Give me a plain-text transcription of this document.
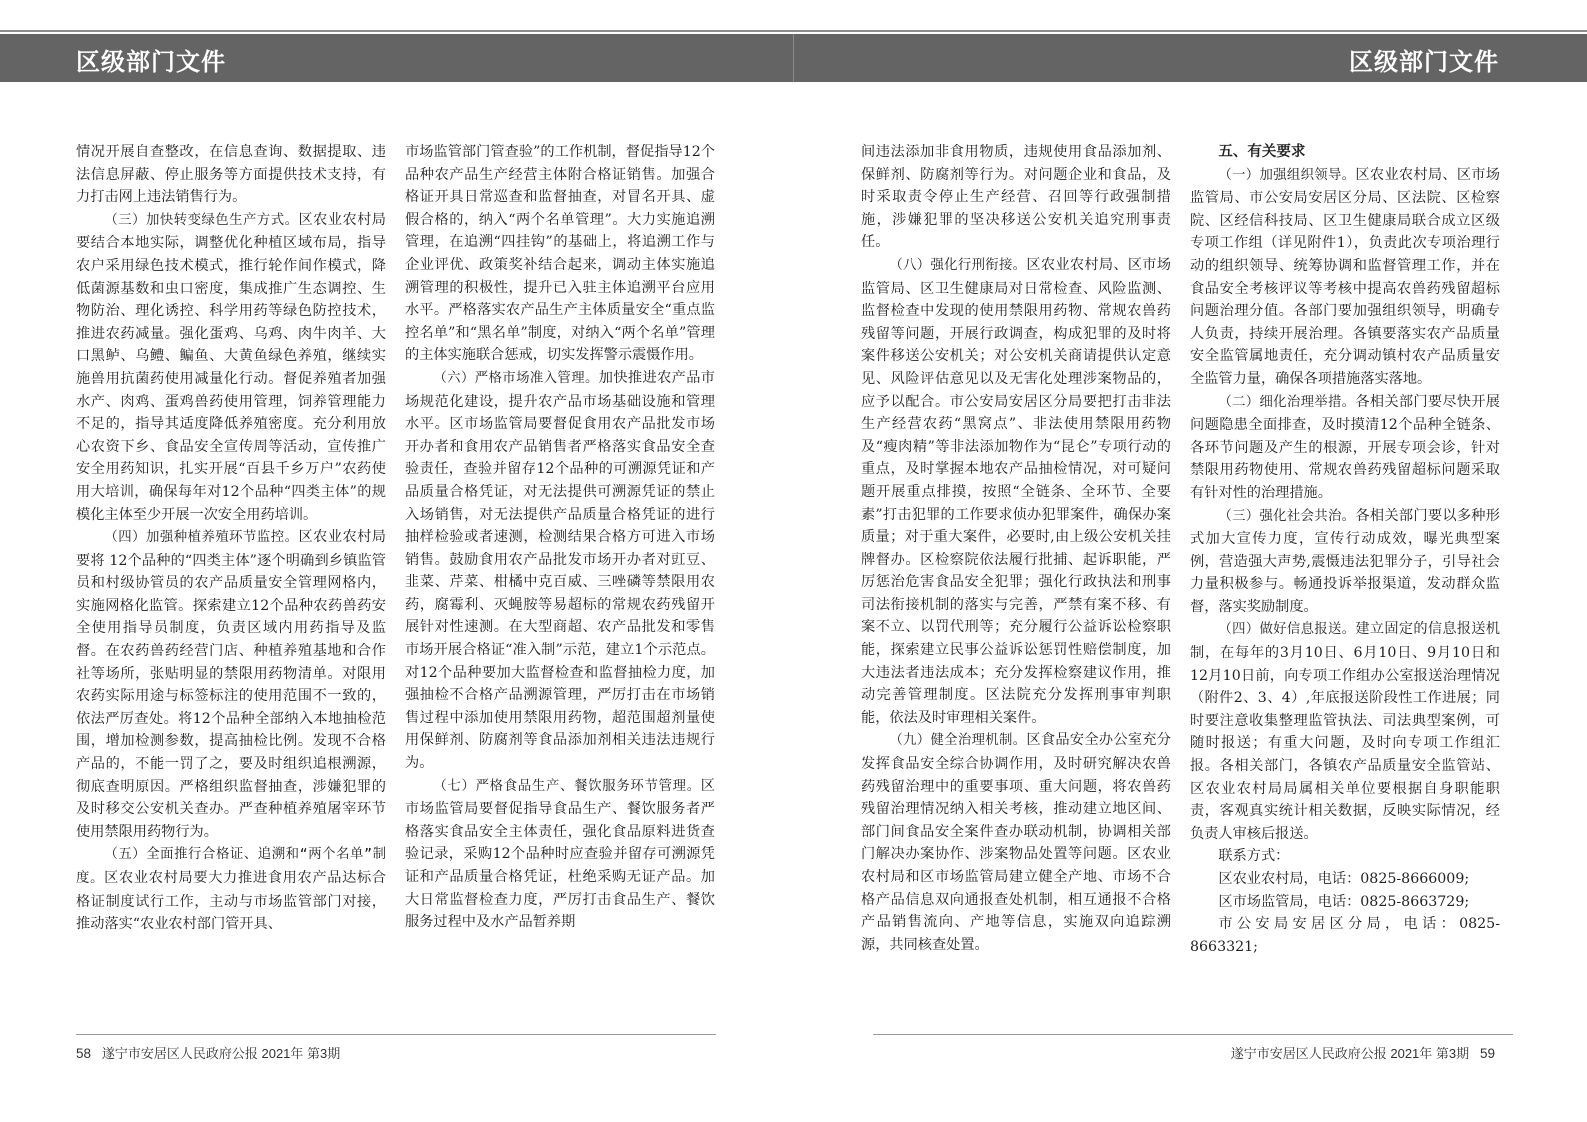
区级部门文件	区级部门文件

情况开展自查整改，在信息查询、数据提取、违法信息屏蔽、停止服务等方面提供技术支持，有力打击网上违法销售行为。

（三）加快转变绿色生产方式。区农业农村局要结合本地实际，调整优化种植区域布局，指导农户采用绿色技术模式，推行轮作间作模式，降低菌源基数和虫口密度，集成推广生态调控、生物防治、理化诱控、科学用药等绿色防控技术，推进农药减量。强化蛋鸡、乌鸡、肉牛肉羊、大口黑鲈、乌鳢、鳊鱼、大黄鱼绿色养殖，继续实施兽用抗菌药使用减量化行动。督促养殖者加强水产、肉鸡、蛋鸡兽药使用管理，饲养管理能力不足的，指导其适度降低养殖密度。充分利用放心农资下乡、食品安全宣传周等活动，宣传推广安全用药知识，扎实开展“百县千乡万户”农药使用大培训，确保每年对12个品种“四类主体”的规模化主体至少开展一次安全用药培训。

（四）加强种植养殖环节监控。区农业农村局要将 12个品种的“四类主体”逐个明确到乡镇监管员和村级协管员的农产品质量安全管理网格内，实施网格化监管。探索建立12个品种农药兽药安全使用指导员制度，负责区域内用药指导及监督。在农药兽药经营门店、种植养殖基地和合作社等场所，张贴明显的禁限用药物清单。对限用农药实际用途与标签标注的使用范围不一致的，依法严厉查处。将12个品种全部纳入本地抽检范围，增加检测参数，提高抽检比例。发现不合格产品的，不能一罚了之，要及时组织追根溯源，彻底查明原因。严格组织监督抽查，涉嫌犯罪的及时移交公安机关查办。严查种植养殖屠宰环节使用禁限用药物行为。

（五）全面推行合格证、追溯和“两个名单”制度。区农业农村局要大力推进食用农产品达标合格证制度试行工作，主动与市场监管部门对接，推动落实“农业农村部门管开具、

市场监管部门管查验”的工作机制，督促指导12个品种农产品生产经营主体附合格证销售。加强合格证开具日常巡查和监督抽查，对冒名开具、虚假合格的，纳入“两个名单管理”。大力实施追溯管理，在追溯“四挂钩”的基础上，将追溯工作与企业评优、政策奖补结合起来，调动主体实施追溯管理的积极性，提升已入驻主体追溯平台应用水平。严格落实农产品生产主体质量安全“重点监控名单”和“黑名单”制度，对纳入“两个名单”管理的主体实施联合惩戒，切实发挥警示震慑作用。

（六）严格市场准入管理。加快推进农产品市场规范化建设，提升农产品市场基础设施和管理水平。区市场监管局要督促食用农产品批发市场开办者和食用农产品销售者严格落实食品安全查验责任，查验并留存12个品种的可溯源凭证和产品质量合格凭证，对无法提供可溯源凭证的禁止入场销售，对无法提供产品质量合格凭证的进行抽样检验或者速测，检测结果合格方可进入市场销售。鼓励食用农产品批发市场开办者对豇豆、韭菜、芹菜、柑橘中克百威、三唑磷等禁限用农药，腐霉利、灭蝇胺等易超标的常规农药残留开展针对性速测。在大型商超、农产品批发和零售市场开展合格证“准入制”示范，建立1个示范点。对12个品种要加大监督检查和监督抽检力度，加强抽检不合格产品溯源管理，严厉打击在市场销售过程中添加使用禁限用药物，超范围超剂量使用保鲜剂、防腐剂等食品添加剂相关违法违规行为。

（七）严格食品生产、餐饮服务环节管理。区市场监管局要督促指导食品生产、餐饮服务者严格落实食品安全主体责任，强化食品原料进货查验记录，采购12个品种时应查验并留存可溯源凭证和产品质量合格凭证，杜绝采购无证产品。加大日常监督检查力度，严厉打击食品生产、餐饮服务过程中及水产品暂养期

间违法添加非食用物质，违规使用食品添加剂、保鲜剂、防腐剂等行为。对问题企业和食品，及时采取责令停止生产经营、召回等行政强制措施，涉嫌犯罪的坚决移送公安机关追究刑事责任。

（八）强化行刑衔接。区农业农村局、区市场监管局、区卫生健康局对日常检查、风险监测、监督检查中发现的使用禁限用药物、常规农兽药残留等问题，开展行政调查，构成犯罪的及时将案件移送公安机关；对公安机关商请提供认定意见、风险评估意见以及无害化处理涉案物品的，应予以配合。市公安局安居区分局要把打击非法生产经营农药“黑窝点”、非法使用禁限用药物及“瘦肉精”等非法添加物作为“昆仑”专项行动的重点，及时掌握本地农产品抽检情况，对可疑问题开展重点排摸，按照“全链条、全环节、全要素”打击犯罪的工作要求侦办犯罪案件，确保办案质量；对于重大案件，必要时,由上级公安机关挂牌督办。区检察院依法履行批捕、起诉职能，严厉惩治危害食品安全犯罪；强化行政执法和刑事司法衔接机制的落实与完善，严禁有案不移、有案不立、以罚代刑等；充分履行公益诉讼检察职能，探索建立民事公益诉讼惩罚性赔偿制度，加大违法者违法成本；充分发挥检察建议作用，推动完善管理制度。区法院充分发挥刑事审判职能，依法及时审理相关案件。

（九）健全治理机制。区食品安全办公室充分发挥食品安全综合协调作用，及时研究解决农兽药残留治理中的重要事项、重大问题，将农兽药残留治理情况纳入相关考核，推动建立地区间、部门间食品安全案件查办联动机制，协调相关部门解决办案协作、涉案物品处置等问题。区农业农村局和区市场监管局建立健全产地、市场不合格产品信息双向通报查处机制，相互通报不合格产品销售流向、产地等信息，实施双向追踪溯源，共同核查处置。

五、有关要求

（一）加强组织领导。区农业农村局、区市场监管局、市公安局安居区分局、区法院、区检察院、区经信科技局、区卫生健康局联合成立区级专项工作组（详见附件1），负责此次专项治理行动的组织领导、统筹协调和监督管理工作，并在食品安全考核评议等考核中提高农兽药残留超标问题治理分值。各部门要加强组织领导，明确专人负责，持续开展治理。各镇要落实农产品质量安全监管属地责任，充分调动镇村农产品质量安全监管力量，确保各项措施落实落地。

（二）细化治理举措。各相关部门要尽快开展问题隐患全面排查，及时摸清12个品种全链条、各环节问题及产生的根源，开展专项会诊，针对禁限用药物使用、常规农兽药残留超标问题采取有针对性的治理措施。

（三）强化社会共治。各相关部门要以多种形式加大宣传力度，宣传行动成效，曝光典型案例，营造强大声势,震慑违法犯罪分子，引导社会力量积极参与。畅通投诉举报渠道，发动群众监督，落实奖励制度。

（四）做好信息报送。建立固定的信息报送机制，在每年的3月10日、6月10日、9月10日和12月10日前，向专项工作组办公室报送治理情况（附件2、3、4）,年底报送阶段性工作进展；同时要注意收集整理监管执法、司法典型案例，可随时报送；有重大问题，及时向专项工作组汇报。各相关部门，各镇农产品质量安全监管站、区农业农村局局属相关单位要根据自身职能职责，客观真实统计相关数据，反映实际情况，经负责人审核后报送。

联系方式：

区农业农村局，电话：0825-8666009;

区市场监管局，电话：0825-8663729;

市公安局安居区分局，电话：0825-8663321;

58 遂宁市安居区人民政府公报 2021年 第3期	遂宁市安居区人民政府公报 2021年 第3期 59
